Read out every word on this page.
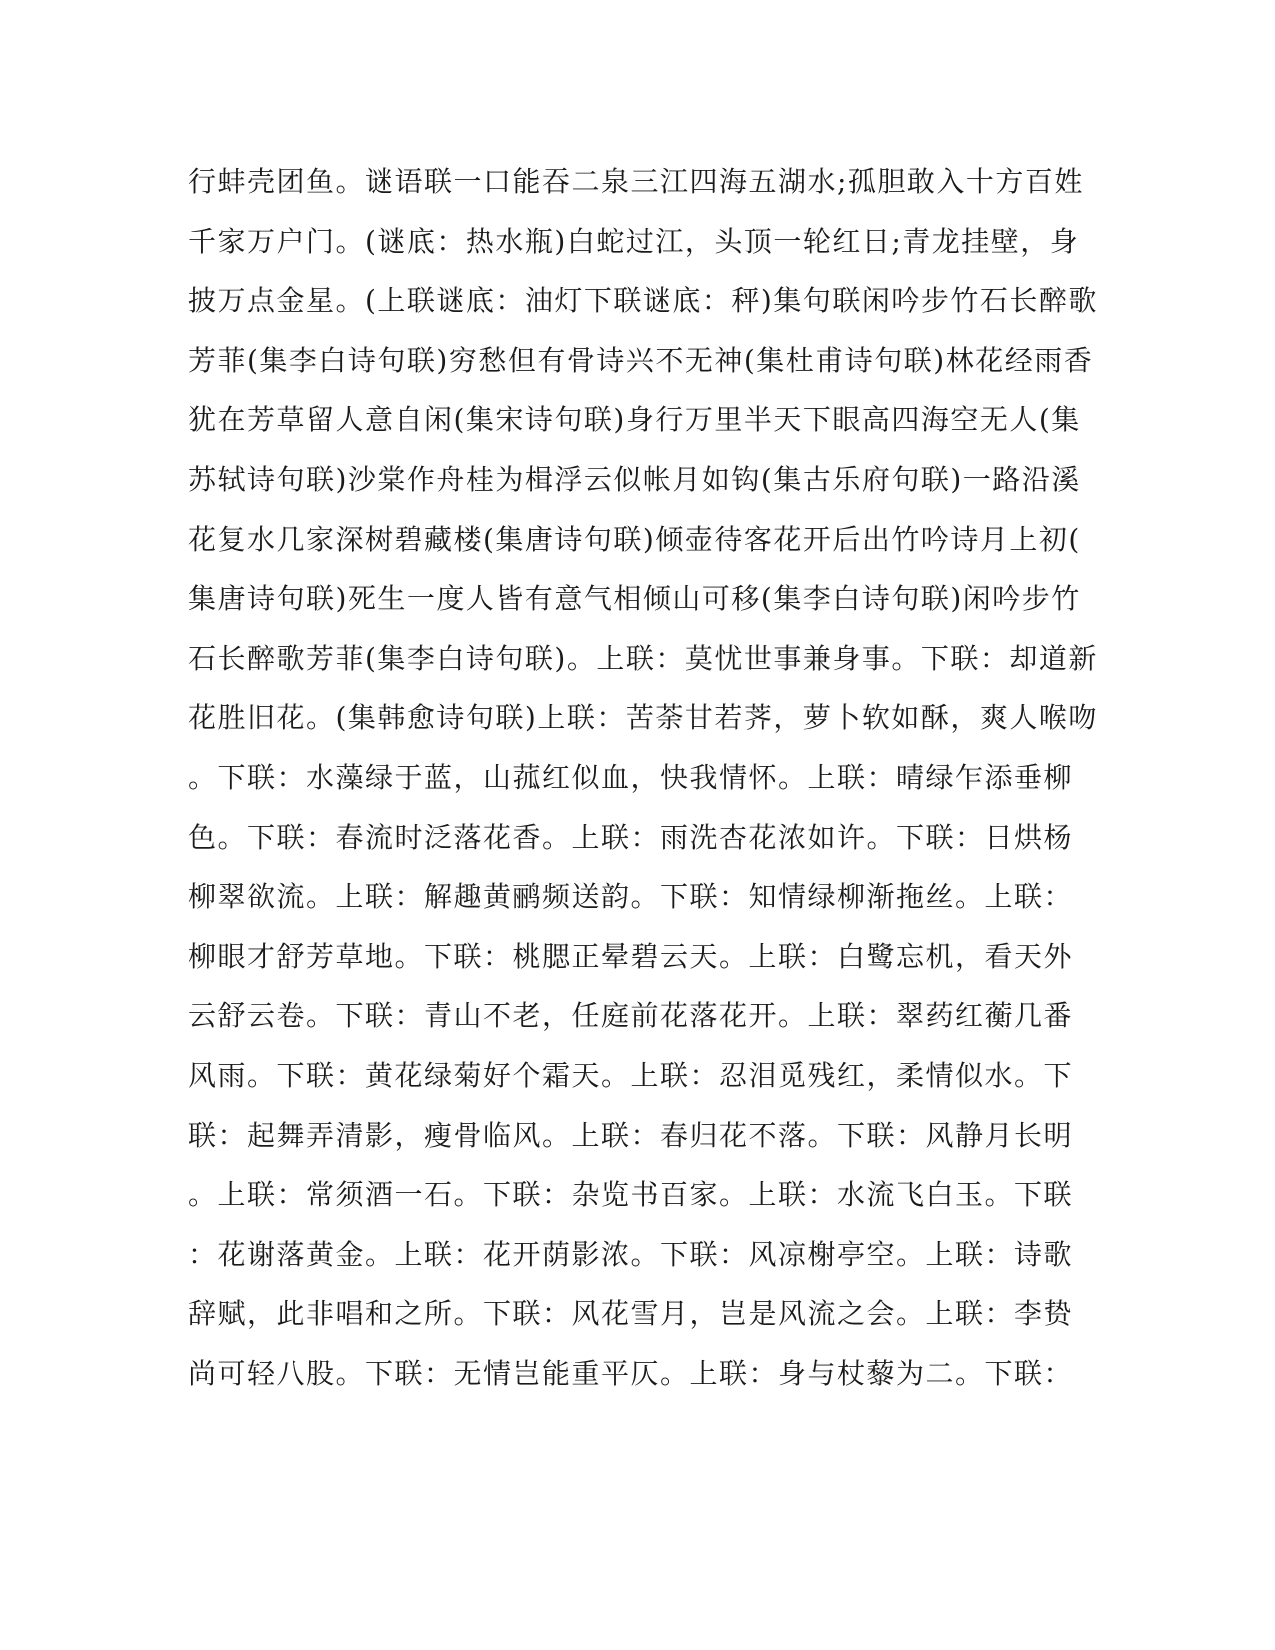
行蚌壳团鱼。谜语联一口能吞二泉三江四海五湖水;孤胆敢入十方百姓
千家万户门。(谜底：热水瓶)白蛇过江，头顶一轮红日;青龙挂壁，身
披万点金星。(上联谜底：油灯下联谜底：秤)集句联闲吟步竹石长醉歌
芳菲(集李白诗句联)穷愁但有骨诗兴不无神(集杜甫诗句联)林花经雨香
犹在芳草留人意自闲(集宋诗句联)身行万里半天下眼高四海空无人(集
苏轼诗句联)沙棠作舟桂为楫浮云似帐月如钩(集古乐府句联)一路沿溪
花复水几家深树碧藏楼(集唐诗句联)倾壶待客花开后出竹吟诗月上初(
集唐诗句联)死生一度人皆有意气相倾山可移(集李白诗句联)闲吟步竹
石长醉歌芳菲(集李白诗句联)。上联：莫忧世事兼身事。下联：却道新
花胜旧花。(集韩愈诗句联)上联：苦荼甘若荠，萝卜软如酥，爽人喉吻
。下联：水藻绿于蓝，山菰红似血，快我情怀。上联：晴绿乍添垂柳
色。下联：春流时泛落花香。上联：雨洗杏花浓如许。下联：日烘杨
柳翠欲流。上联：解趣黄鹂频送韵。下联：知情绿柳渐拖丝。上联：
柳眼才舒芳草地。下联：桃腮正晕碧云天。上联：白鹭忘机，看天外
云舒云卷。下联：青山不老，任庭前花落花开。上联：翠药红蘅几番
风雨。下联：黄花绿菊好个霜天。上联：忍泪觅残红，柔情似水。下
联：起舞弄清影，瘦骨临风。上联：春归花不落。下联：风静月长明
。上联：常须酒一石。下联：杂览书百家。上联：水流飞白玉。下联
：花谢落黄金。上联：花开荫影浓。下联：风凉榭亭空。上联：诗歌
辞赋，此非唱和之所。下联：风花雪月，岂是风流之会。上联：李贽
尚可轻八股。下联：无情岂能重平仄。上联：身与杖藜为二。下联：
